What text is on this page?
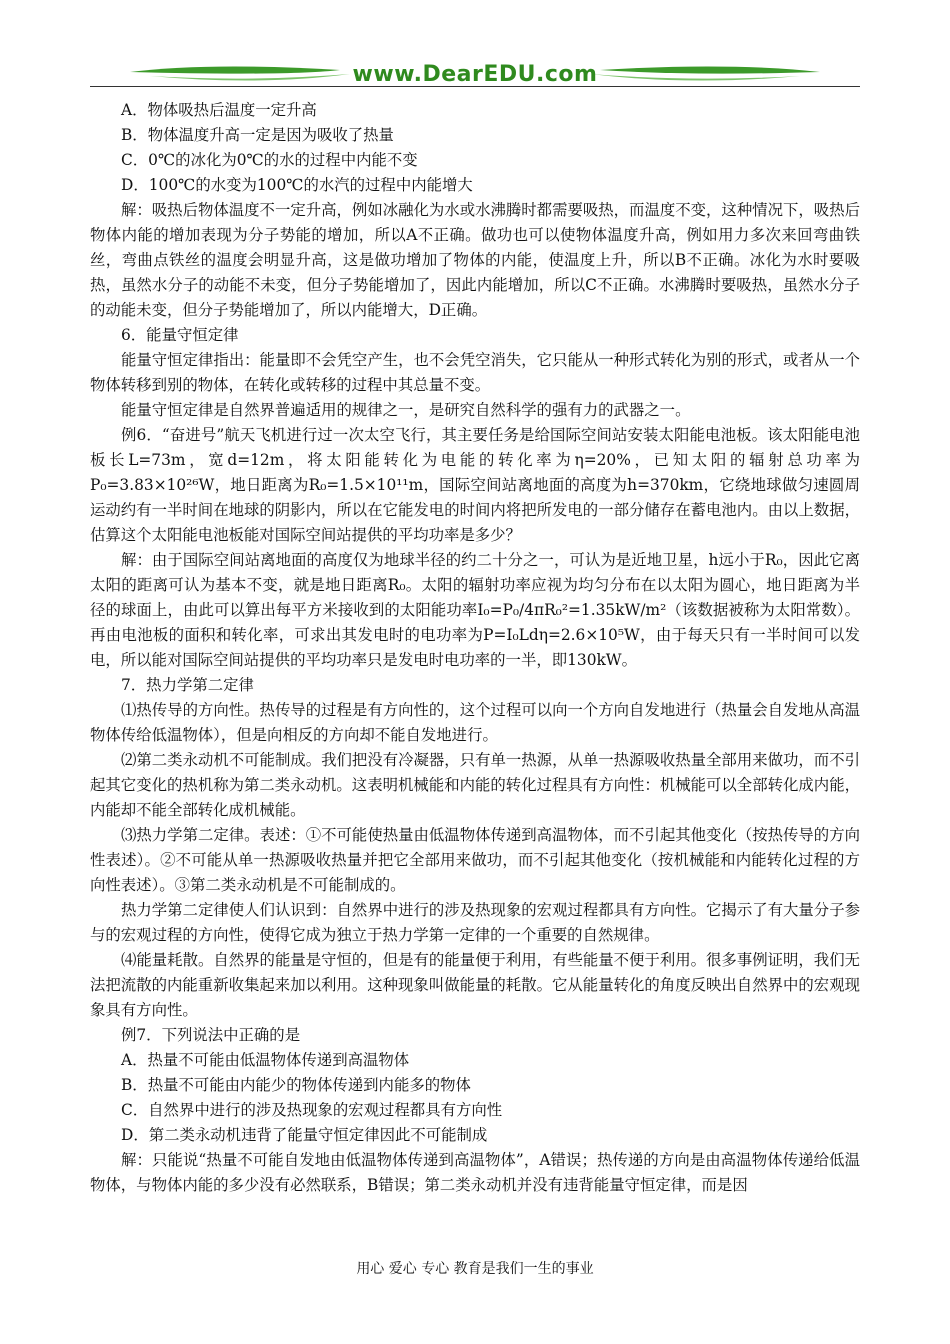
www.DearEDU.com

A．物体吸热后温度一定升高

B．物体温度升高一定是因为吸收了热量

C．0℃的冰化为0℃的水的过程中内能不变

D．100℃的水变为100℃的水汽的过程中内能增大

解：吸热后物体温度不一定升高，例如冰融化为水或水沸腾时都需要吸热，而温度不变，这种情况下，吸热后物体内能的增加表现为分子势能的增加，所以A不正确。做功也可以使物体温度升高，例如用力多次来回弯曲铁丝，弯曲点铁丝的温度会明显升高，这是做功增加了物体的内能，使温度上升，所以B不正确。冰化为水时要吸热，虽然水分子的动能不未变，但分子势能增加了，因此内能增加，所以C不正确。水沸腾时要吸热，虽然水分子的动能未变，但分子势能增加了，所以内能增大，D正确。

6．能量守恒定律

能量守恒定律指出：能量即不会凭空产生，也不会凭空消失，它只能从一种形式转化为别的形式，或者从一个物体转移到别的物体，在转化或转移的过程中其总量不变。

能量守恒定律是自然界普遍适用的规律之一，是研究自然科学的强有力的武器之一。

例6．“奋进号”航天飞机进行过一次太空飞行，其主要任务是给国际空间站安装太阳能电池板。该太阳能电池板长L=73m，宽d=12m，将太阳能转化为电能的转化率为η=20%，已知太阳的辐射总功率为P₀=3.83×10²⁶W，地日距离为R₀=1.5×10¹¹m，国际空间站离地面的高度为h=370km，它绕地球做匀速圆周运动约有一半时间在地球的阴影内，所以在它能发电的时间内将把所发电的一部分储存在蓄电池内。由以上数据，估算这个太阳能电池板能对国际空间站提供的平均功率是多少？

解：由于国际空间站离地面的高度仅为地球半径的约二十分之一，可认为是近地卫星，h远小于R₀，因此它离太阳的距离可认为基本不变，就是地日距离R₀。太阳的辐射功率应视为均匀分布在以太阳为圆心，地日距离为半径的球面上，由此可以算出每平方米接收到的太阳能功率I₀=P₀/4πR₀²=1.35kW/m²（该数据被称为太阳常数）。再由电池板的面积和转化率，可求出其发电时的电功率为P=I₀Ldη=2.6×10⁵W，由于每天只有一半时间可以发电，所以能对国际空间站提供的平均功率只是发电时电功率的一半，即130kW。

7．热力学第二定律

⑴热传导的方向性。热传导的过程是有方向性的，这个过程可以向一个方向自发地进行（热量会自发地从高温物体传给低温物体），但是向相反的方向却不能自发地进行。

⑵第二类永动机不可能制成。我们把没有冷凝器，只有单一热源，从单一热源吸收热量全部用来做功，而不引起其它变化的热机称为第二类永动机。这表明机械能和内能的转化过程具有方向性：机械能可以全部转化成内能，内能却不能全部转化成机械能。

⑶热力学第二定律。表述：①不可能使热量由低温物体传递到高温物体，而不引起其他变化（按热传导的方向性表述）。②不可能从单一热源吸收热量并把它全部用来做功，而不引起其他变化（按机械能和内能转化过程的方向性表述）。③第二类永动机是不可能制成的。

热力学第二定律使人们认识到：自然界中进行的涉及热现象的宏观过程都具有方向性。它揭示了有大量分子参与的宏观过程的方向性，使得它成为独立于热力学第一定律的一个重要的自然规律。

⑷能量耗散。自然界的能量是守恒的，但是有的能量便于利用，有些能量不便于利用。很多事例证明，我们无法把流散的内能重新收集起来加以利用。这种现象叫做能量的耗散。它从能量转化的角度反映出自然界中的宏观现象具有方向性。

例7．下列说法中正确的是

A．热量不可能由低温物体传递到高温物体

B．热量不可能由内能少的物体传递到内能多的物体

C．自然界中进行的涉及热现象的宏观过程都具有方向性

D．第二类永动机违背了能量守恒定律因此不可能制成

解：只能说“热量不可能自发地由低温物体传递到高温物体”，A错误；热传递的方向是由高温物体传递给低温物体，与物体内能的多少没有必然联系，B错误；第二类永动机并没有违背能量守恒定律，而是因

用心 爱心 专心 教育是我们一生的事业
